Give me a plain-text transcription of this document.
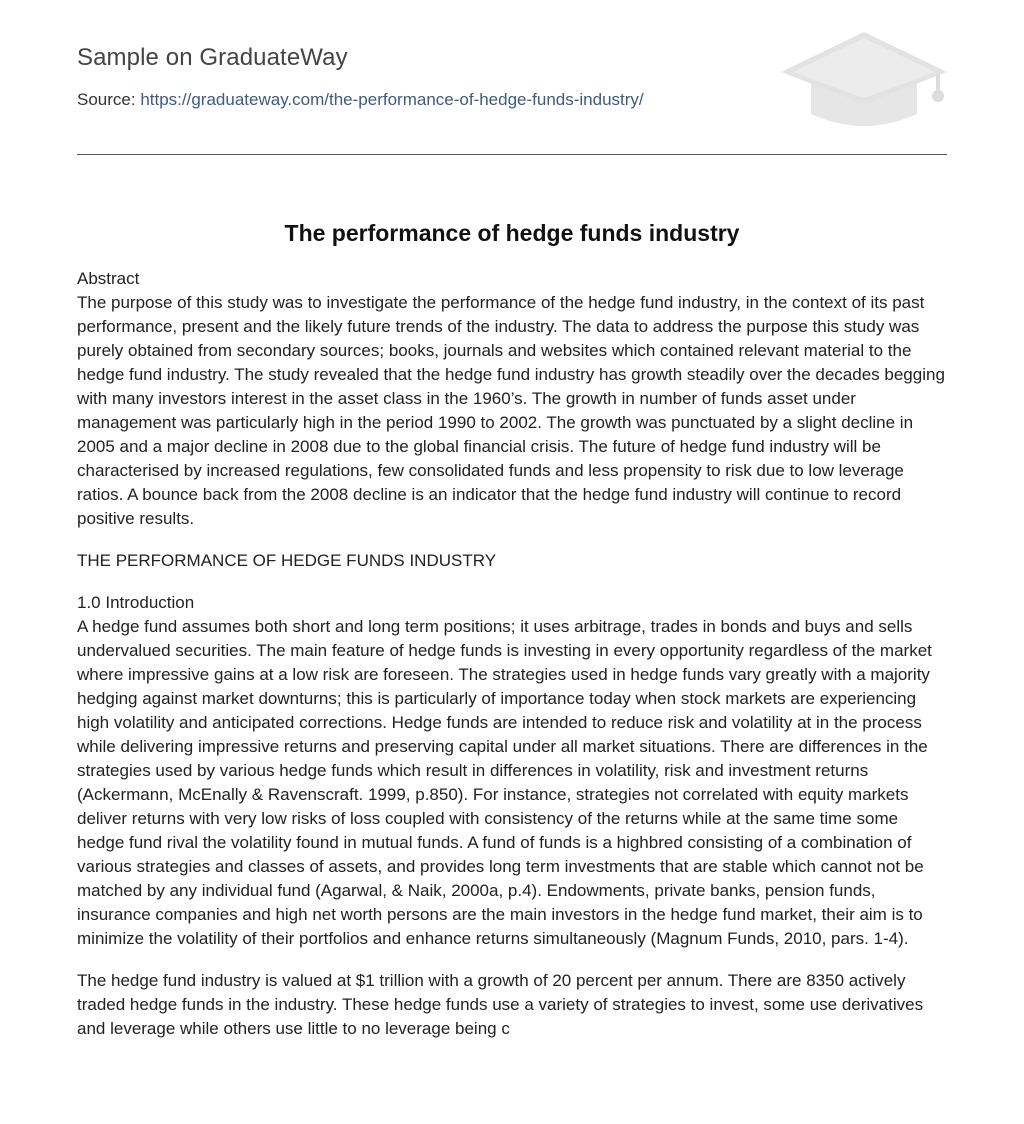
Sample on GraduateWay
Source: https://graduateway.com/the-performance-of-hedge-funds-industry/
The performance of hedge funds industry

Abstract
The purpose of this study was to investigate the performance of the hedge fund industry, in the context of its past performance, present and the likely future trends of the industry. The data to address the purpose this study was purely obtained from secondary sources; books, journals and websites which contained relevant material to the hedge fund industry. The study revealed that the hedge fund industry has growth steadily over the decades begging with many investors interest in the asset class in the 1960’s. The growth in number of funds asset under management was particularly high in the period 1990 to 2002. The growth was punctuated by a slight decline in 2005 and a major decline in 2008 due to the global financial crisis. The future of hedge fund industry will be characterised by increased regulations, few consolidated funds and less propensity to risk due to low leverage ratios. A bounce back from the 2008 decline is an indicator that the hedge fund industry will continue to record positive results.

THE PERFORMANCE OF HEDGE FUNDS INDUSTRY

1.0 Introduction
A hedge fund assumes both short and long term positions; it uses arbitrage, trades in bonds and buys and sells undervalued securities. The main feature of hedge funds is investing in every opportunity regardless of the market where impressive gains at a low risk are foreseen. The strategies used in hedge funds vary greatly with a majority hedging against market downturns; this is particularly of importance today when stock markets are experiencing high volatility and anticipated corrections. Hedge funds are intended to reduce risk and volatility at in the process while delivering impressive returns and preserving capital under all market situations. There are differences in the strategies used by various hedge funds which result in differences in volatility, risk and investment returns (Ackermann, McEnally & Ravenscraft. 1999, p.850). For instance, strategies not correlated with equity markets deliver returns with very low risks of loss coupled with consistency of the returns while at the same time some hedge fund rival the volatility found in mutual funds. A fund of funds is a highbred consisting of a combination of various strategies and classes of assets, and provides long term investments that are stable which cannot not be matched by any individual fund (Agarwal, & Naik, 2000a, p.4). Endowments, private banks, pension funds, insurance companies and high net worth persons are the main investors in the hedge fund market, their aim is to minimize the volatility of their portfolios and enhance returns simultaneously (Magnum Funds, 2010, pars. 1-4).

The hedge fund industry is valued at $1 trillion with a growth of 20 percent per annum. There are 8350 actively traded hedge funds in the industry. These hedge funds use a variety of strategies to invest, some use derivatives and leverage while others use little to no leverage being c
